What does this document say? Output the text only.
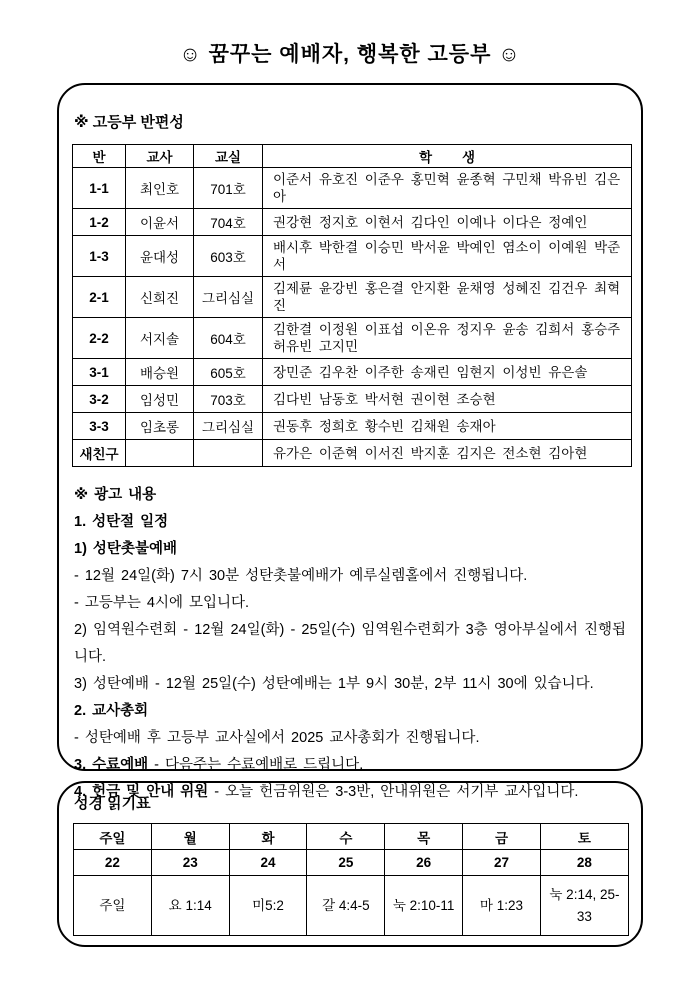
☺ 꿈꾸는 예배자, 행복한 고등부 ☺
※ 고등부 반편성
반	교사	교실	학        생
1-1	최인호	701호	이준서 유호진 이준우 홍민혁 윤종혁 구민채 박유빈 김은아
1-2	이윤서	704호	권강현 정지호 이현서 김다인 이예나 이다은 정예인
1-3	윤대성	603호	배시후 박한결 이승민 박서윤 박예인 염소이 이예원 박준서
2-1	신희진	그리심실	김제륜 윤강빈 홍은결 안지환 윤채영 성혜진 김건우 최혁진
2-2	서지솔	604호	김한결 이정원 이표섭 이온유 정지우 윤송 김희서 홍승주 허유빈 고지민
3-1	배승원	605호	장민준 김우찬 이주한 송재린 임현지 이성빈 유은솔
3-2	임성민	703호	김다빈 남동호 박서현 권이현 조승현
3-3	임초롱	그리심실	권동후 정희호 황수빈 김채원 송재아
새친구			유가은 이준혁 이서진 박지훈 김지은 전소현 김아현
※ 광고 내용

1. 성탄절 일정

1) 성탄촛불예배

- 12월 24일(화) 7시 30분 성탄촛불예배가 예루실렘홀에서 진행됩니다.

- 고등부는 4시에 모입니다.

2) 임역원수련회 - 12월 24일(화) - 25일(수) 임역원수련회가 3층 영아부실에서 진행됩니다.

3) 성탄예배 - 12월 25일(수) 성탄예배는 1부 9시 30분, 2부 11시 30에 있습니다.

2. 교사총회

- 성탄예배 후 고등부 교사실에서 2025 교사총회가 진행됩니다.

3. 수료예배 - 다음주는 수료예배로 드립니다.

4. 헌금 및 안내 위원 - 오늘 헌금위원은 3-3반, 안내위원은 서기부 교사입니다.

성경 읽기표
주일	월	화	수	목	금	토
22	23	24	25	26	27	28
주일	요 1:14	미5:2	갈 4:4-5	눅 2:10-11	마 1:23	눅 2:14, 25-33
